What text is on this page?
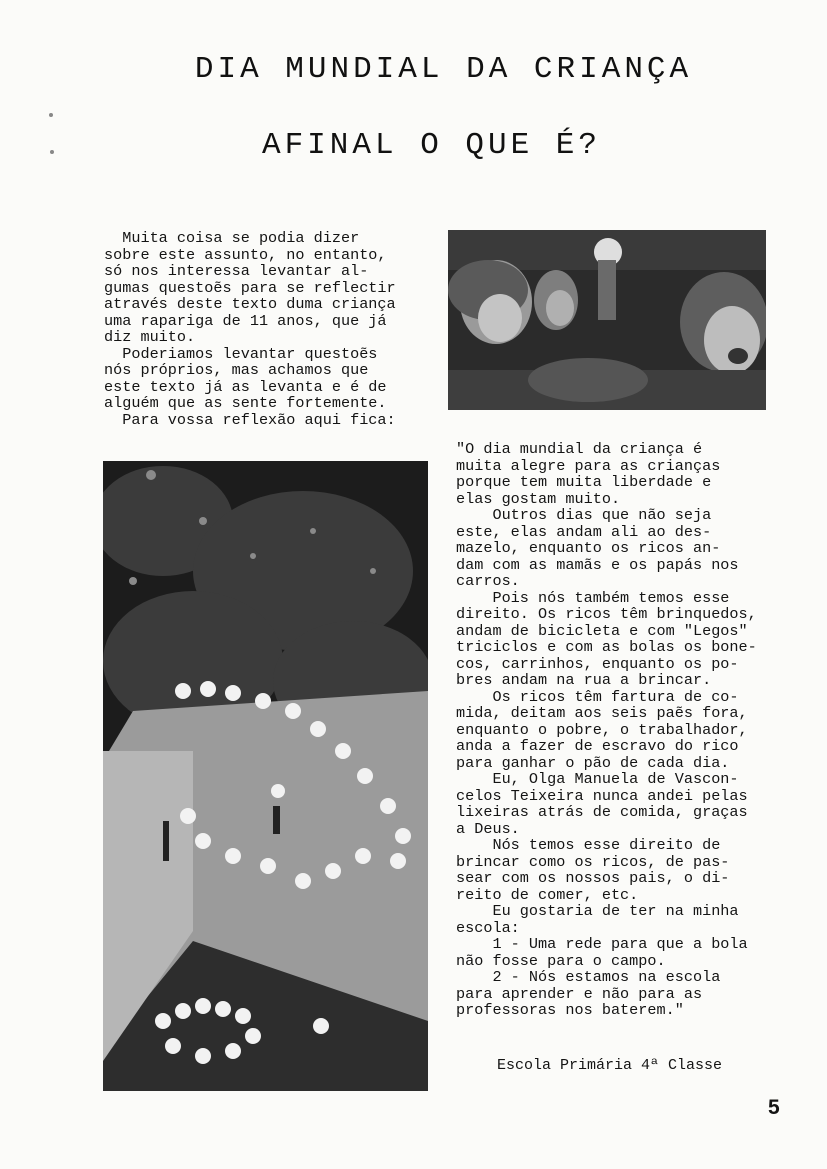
DIA MUNDIAL DA CRIANÇA
AFINAL O QUE É?

Muita coisa se podia dizer
sobre este assunto, no entanto,
só nos interessa levantar al-
gumas questoẽs para se reflectir
através deste texto duma criança
uma rapariga de 11 anos, que já
diz muito.
Poderiamos levantar questoẽs
nós próprios, mas achamos que
este texto já as levanta e é de
alguém que as sente fortemente.
Para vossa reflexão aqui fica:

"O dia mundial da criança é
muita alegre para as crianças
porque tem muita liberdade e
elas gostam muito.
Outros dias que não seja
este, elas andam ali ao des-
mazelo, enquanto os ricos an-
dam com as mamãs e os papás nos
carros.
Pois nós também temos esse
direito. Os ricos têm brinquedos,
andam de bicicleta e com "Legos"
triciclos e com as bolas os bone-
cos, carrinhos, enquanto os po-
bres andam na rua a brincar.
Os ricos têm fartura de co-
mida, deitam aos seis paẽs fora,
enquanto o pobre, o trabalhador,
anda a fazer de escravo do rico
para ganhar o pão de cada dia.
Eu, Olga Manuela de Vascon-
celos Teixeira nunca andei pelas
lixeiras atrás de comida, graças
a Deus.
Nós temos esse direito de
brincar como os ricos, de pas-
sear com os nossos pais, o di-
reito de comer, etc.
Eu gostaria de ter na minha
escola:
1 - Uma rede para que a bola
não fosse para o campo.
2 - Nós estamos na escola
para aprender e não para as
professoras nos baterem."

Escola Primária 4ª Classe

5
